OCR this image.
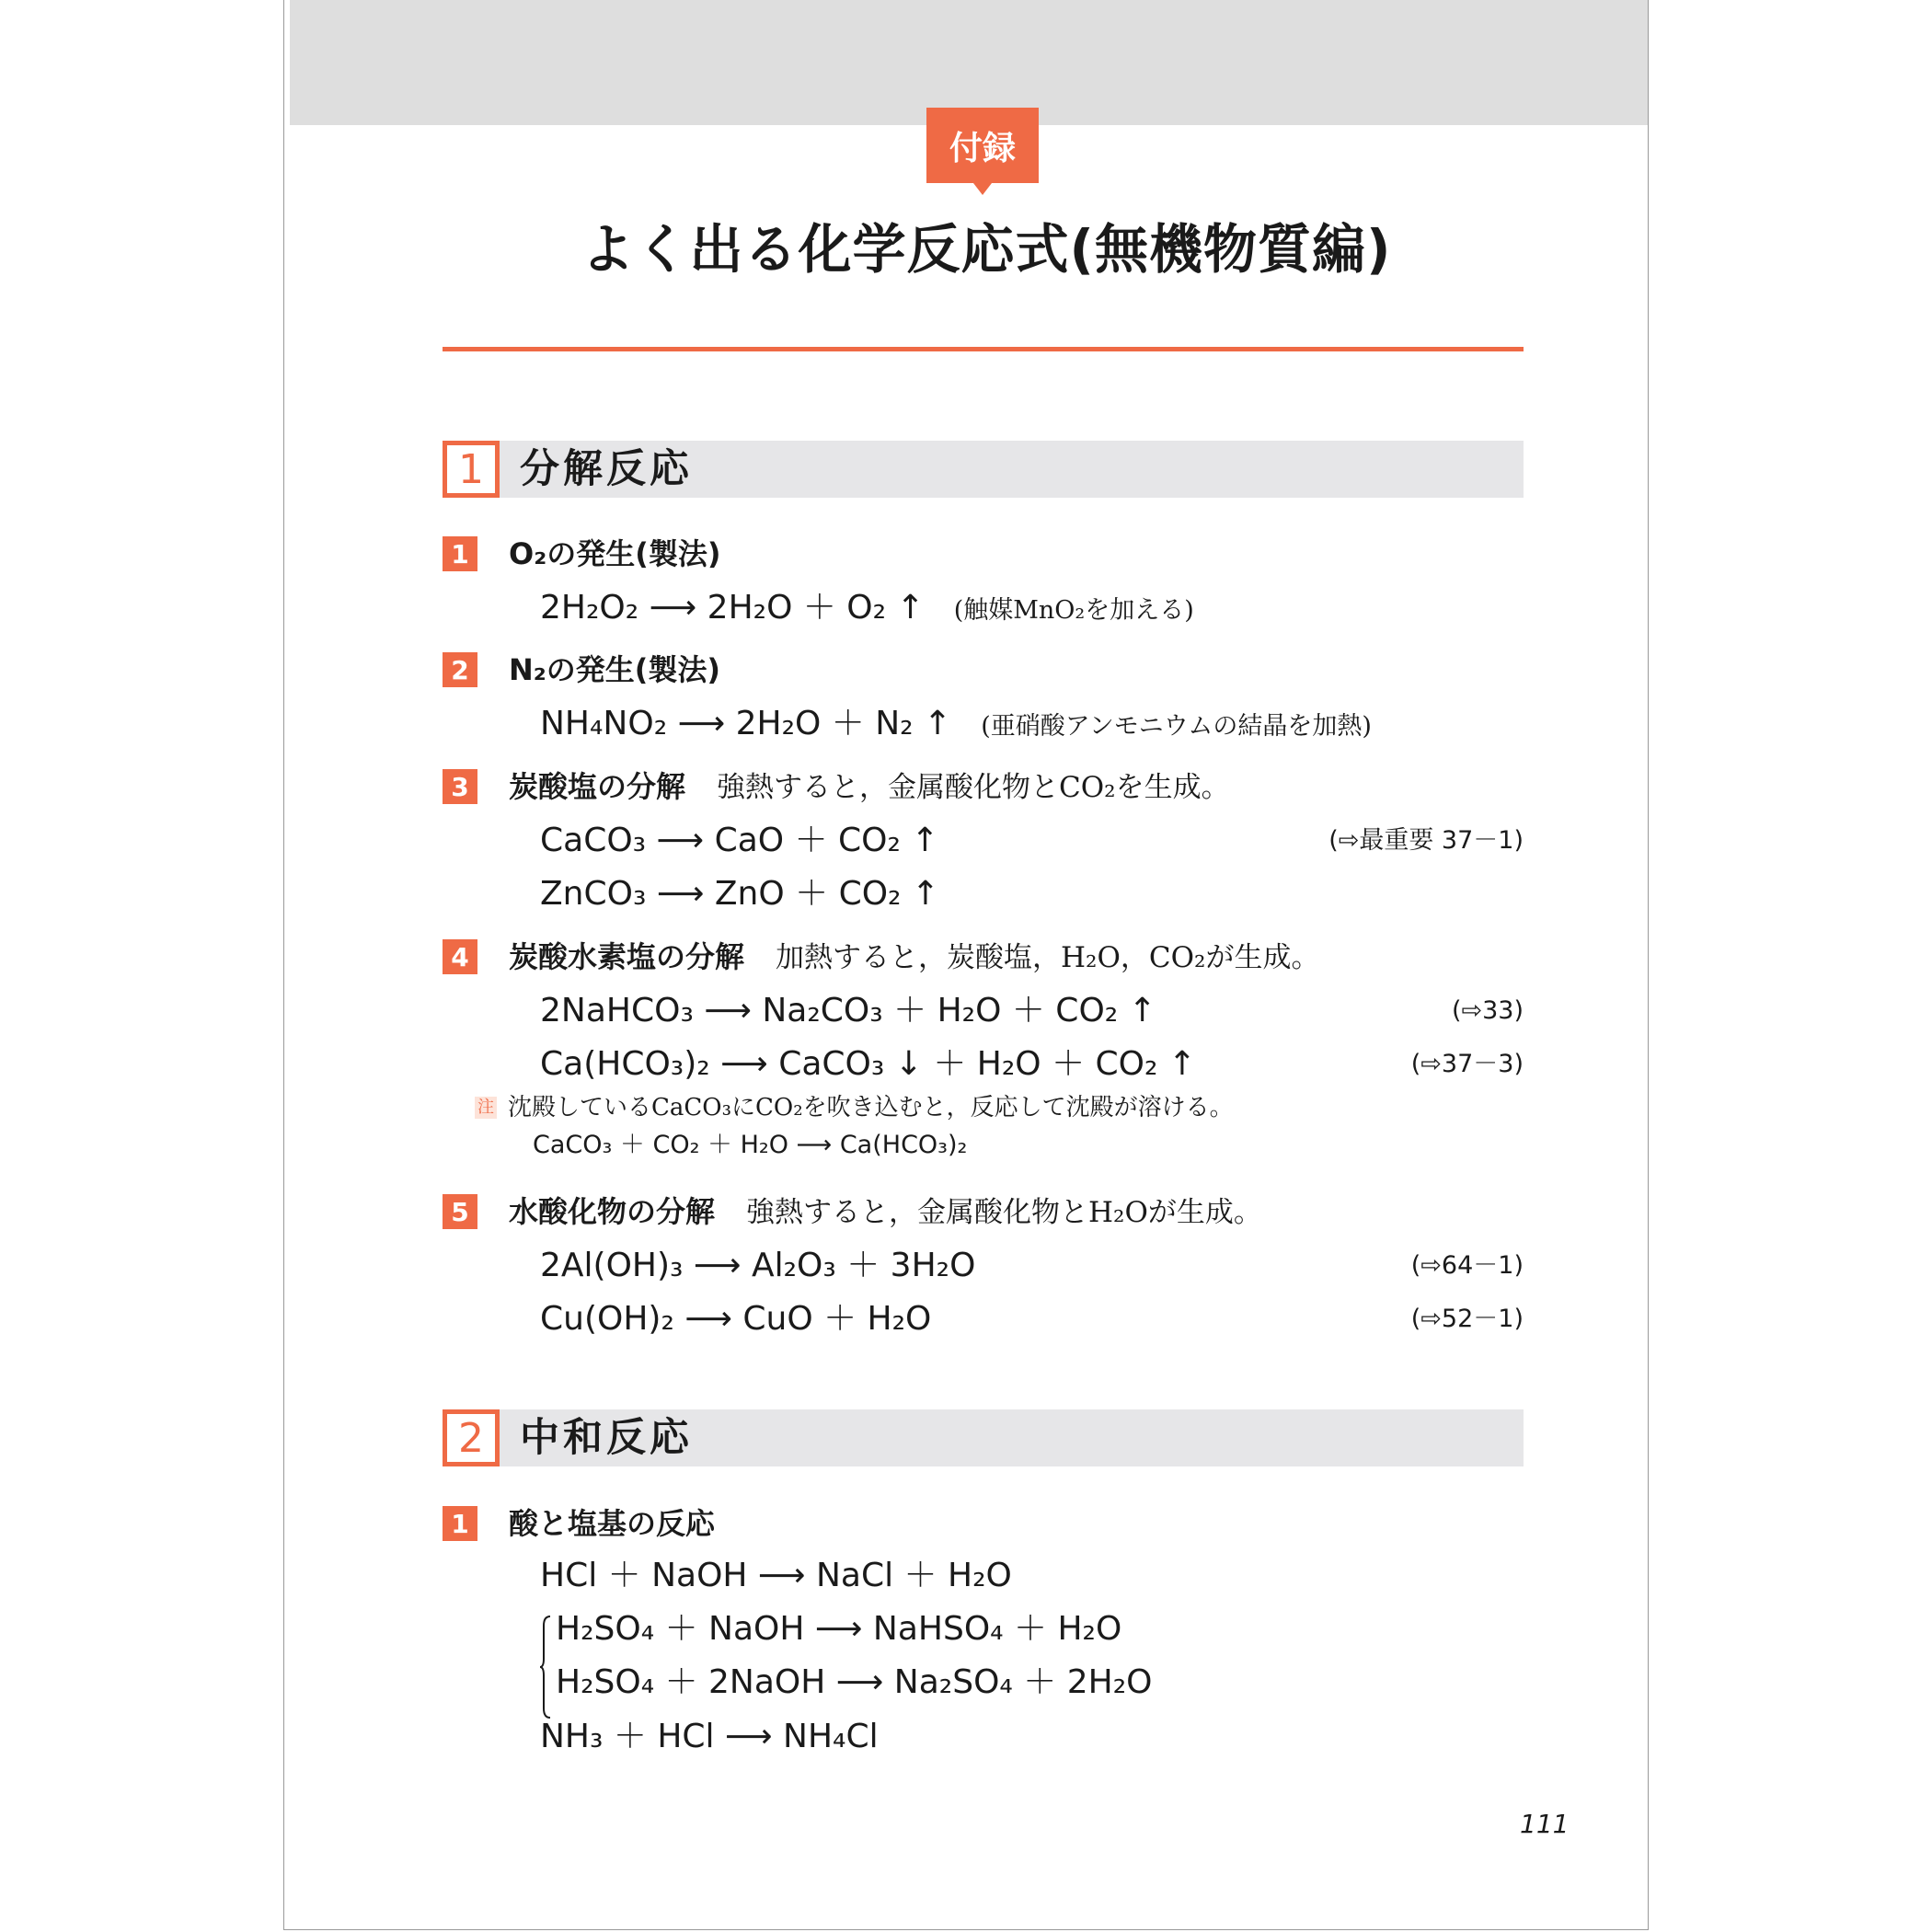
付録
よく出る化学反応式(無機物質編)
1 分解反応
1 O₂の発生(製法)
2H₂O₂ ⟶ 2H₂O ＋ O₂ ↑ (触媒MnO₂を加える)
2 N₂の発生(製法)
NH₄NO₂ ⟶ 2H₂O ＋ N₂ ↑ (亜硝酸アンモニウムの結晶を加熱)
3 炭酸塩の分解 強熱すると，金属酸化物とCO₂を生成。
CaCO₃ ⟶ CaO ＋ CO₂ ↑	(⇨最重要 37－1)
ZnCO₃ ⟶ ZnO ＋ CO₂ ↑
4 炭酸水素塩の分解 加熱すると，炭酸塩，H₂O，CO₂が生成。
2NaHCO₃ ⟶ Na₂CO₃ ＋ H₂O ＋ CO₂ ↑	(⇨33)
Ca(HCO₃)₂ ⟶ CaCO₃ ↓ ＋ H₂O ＋ CO₂ ↑	(⇨37－3)
注 沈殿しているCaCO₃にCO₂を吹き込むと，反応して沈殿が溶ける。
CaCO₃ ＋ CO₂ ＋ H₂O ⟶ Ca(HCO₃)₂
5 水酸化物の分解 強熱すると，金属酸化物とH₂Oが生成。
2Al(OH)₃ ⟶ Al₂O₃ ＋ 3H₂O	(⇨64－1)
Cu(OH)₂ ⟶ CuO ＋ H₂O	(⇨52－1)
2 中和反応
1 酸と塩基の反応
HCl ＋ NaOH ⟶ NaCl ＋ H₂O
H₂SO₄ ＋ NaOH ⟶ NaHSO₄ ＋ H₂O
H₂SO₄ ＋ 2NaOH ⟶ Na₂SO₄ ＋ 2H₂O
NH₃ ＋ HCl ⟶ NH₄Cl
111
